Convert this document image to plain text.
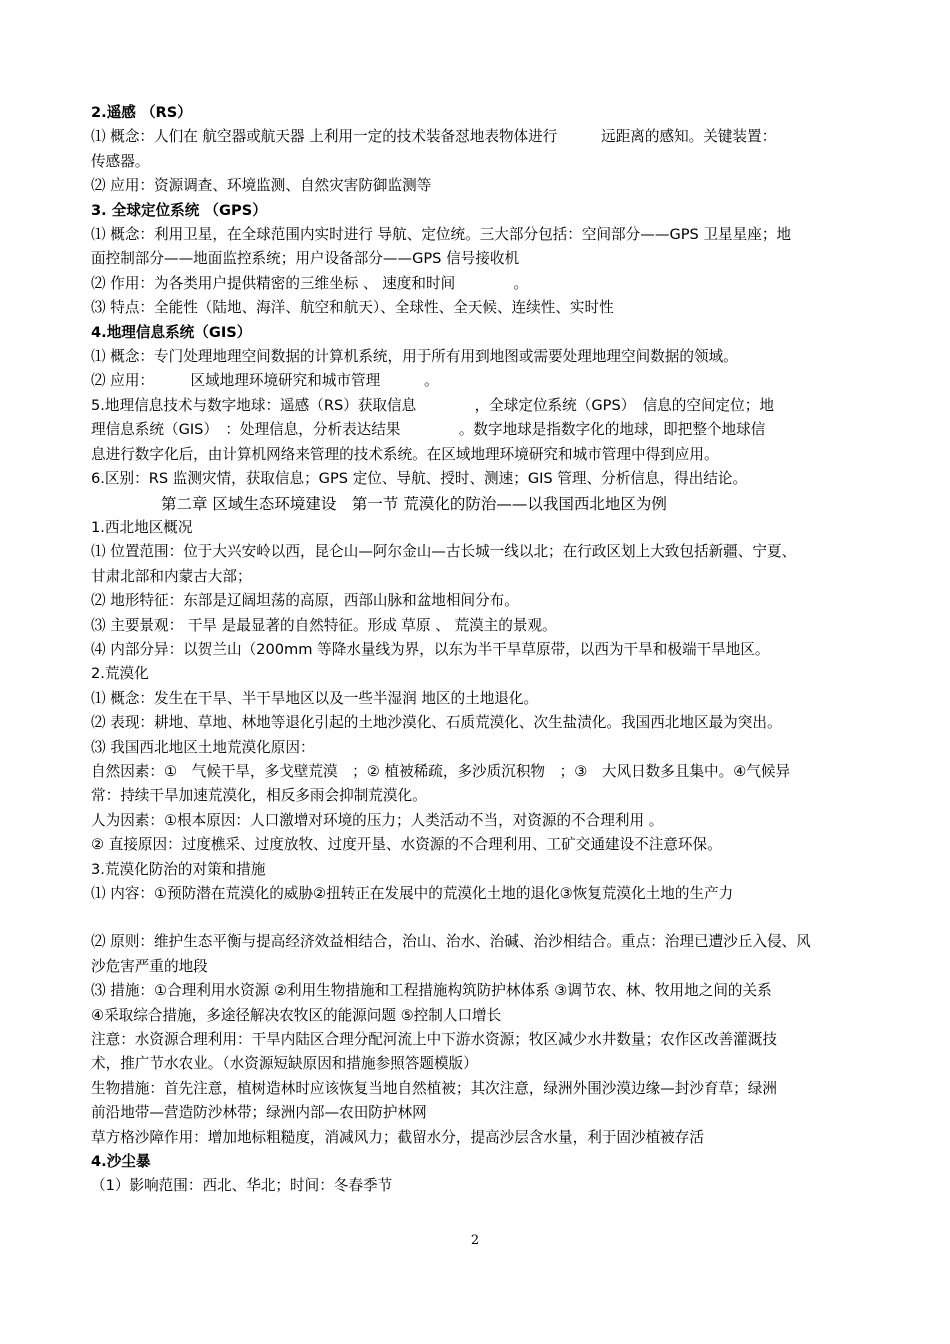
2.遥感 （RS）
⑴ 概念：人们在 航空器或航天器 上利用一定的技术装备怼地表物体进行　　　远距离的感知。关键装置：
传感器。
⑵ 应用：资源调查、环境监测、自然灾害防御监测等
3. 全球定位系统 （GPS）
⑴ 概念：利用卫星，在全球范围内实时进行 导航、定位统。三大部分包括：空间部分——GPS 卫星星座；地
面控制部分——地面监控系统；用户设备部分——GPS 信号接收机
⑵ 作用：为各类用户提供精密的三维坐标 、 速度和时间　　　　。
⑶ 特点：全能性（陆地、海洋、航空和航天）、全球性、全天候、连续性、实时性
4.地理信息系统（GIS）
⑴ 概念：专门处理地理空间数据的计算机系统，用于所有用到地图或需要处理地理空间数据的领域。
⑵ 应用：　　　区域地理环境研究和城市管理　　　。
5.地理信息技术与数字地球：遥感（RS）获取信息　　　　，全球定位系统（GPS）　信息的空间定位；地
理信息系统（GIS）　：处理信息，分析表达结果　　　　。数字地球是指数字化的地球，即把整个地球信
息进行数字化后，由计算机网络来管理的技术系统。在区域地理环境研究和城市管理中得到应用。
6.区别：RS 监测灾情，获取信息；GPS 定位、导航、授时、测速；GIS 管理、分析信息，得出结论。
第二章 区域生态环境建设　第一节 荒漠化的防治——以我国西北地区为例
1.西北地区概况
⑴ 位置范围：位于大兴安岭以西，昆仑山—阿尔金山—古长城一线以北；在行政区划上大致包括新疆、宁夏、
甘肃北部和内蒙古大部；
⑵ 地形特征：东部是辽阔坦荡的高原，西部山脉和盆地相间分布。
⑶ 主要景观： 干旱 是最显著的自然特征。形成 草原 、 荒漠主的景观。
⑷ 内部分异：以贺兰山（200mm 等降水量线为界，以东为半干旱草原带，以西为干旱和极端干旱地区。
2.荒漠化
⑴ 概念：发生在干旱、半干旱地区以及一些半湿润 地区的土地退化。
⑵ 表现：耕地、草地、林地等退化引起的土地沙漠化、石质荒漠化、次生盐渍化。我国西北地区最为突出。
⑶ 我国西北地区土地荒漠化原因：
自然因素：①　气候干旱，多戈壁荒漠　；② 植被稀疏，多沙质沉积物　；③　大风日数多且集中。④气候异
常：持续干旱加速荒漠化，相反多雨会抑制荒漠化。
人为因素：①根本原因：人口激增对环境的压力；人类活动不当，对资源的不合理利用 。
② 直接原因：过度樵采、过度放牧、过度开垦、水资源的不合理利用、工矿交通建设不注意环保。
3.荒漠化防治的对策和措施
⑴ 内容：①预防潜在荒漠化的威胁②扭转正在发展中的荒漠化土地的退化③恢复荒漠化土地的生产力
⑵ 原则：维护生态平衡与提高经济效益相结合，治山、治水、治碱、治沙相结合。重点：治理已遭沙丘入侵、风
沙危害严重的地段
⑶ 措施：①合理利用水资源 ②利用生物措施和工程措施构筑防护林体系 ③调节农、林、牧用地之间的关系
④采取综合措施，多途径解决农牧区的能源问题 ⑤控制人口增长
注意：水资源合理利用：干旱内陆区合理分配河流上中下游水资源；牧区减少水井数量；农作区改善灌溉技
术，推广节水农业。（水资源短缺原因和措施参照答题模版）
生物措施：首先注意，植树造林时应该恢复当地自然植被；其次注意，绿洲外围沙漠边缘—封沙育草；绿洲
前沿地带—营造防沙林带；绿洲内部—农田防护林网
草方格沙障作用：增加地标粗糙度，消减风力；截留水分，提高沙层含水量，利于固沙植被存活
4.沙尘暴
（1）影响范围：西北、华北；时间：冬春季节
2
